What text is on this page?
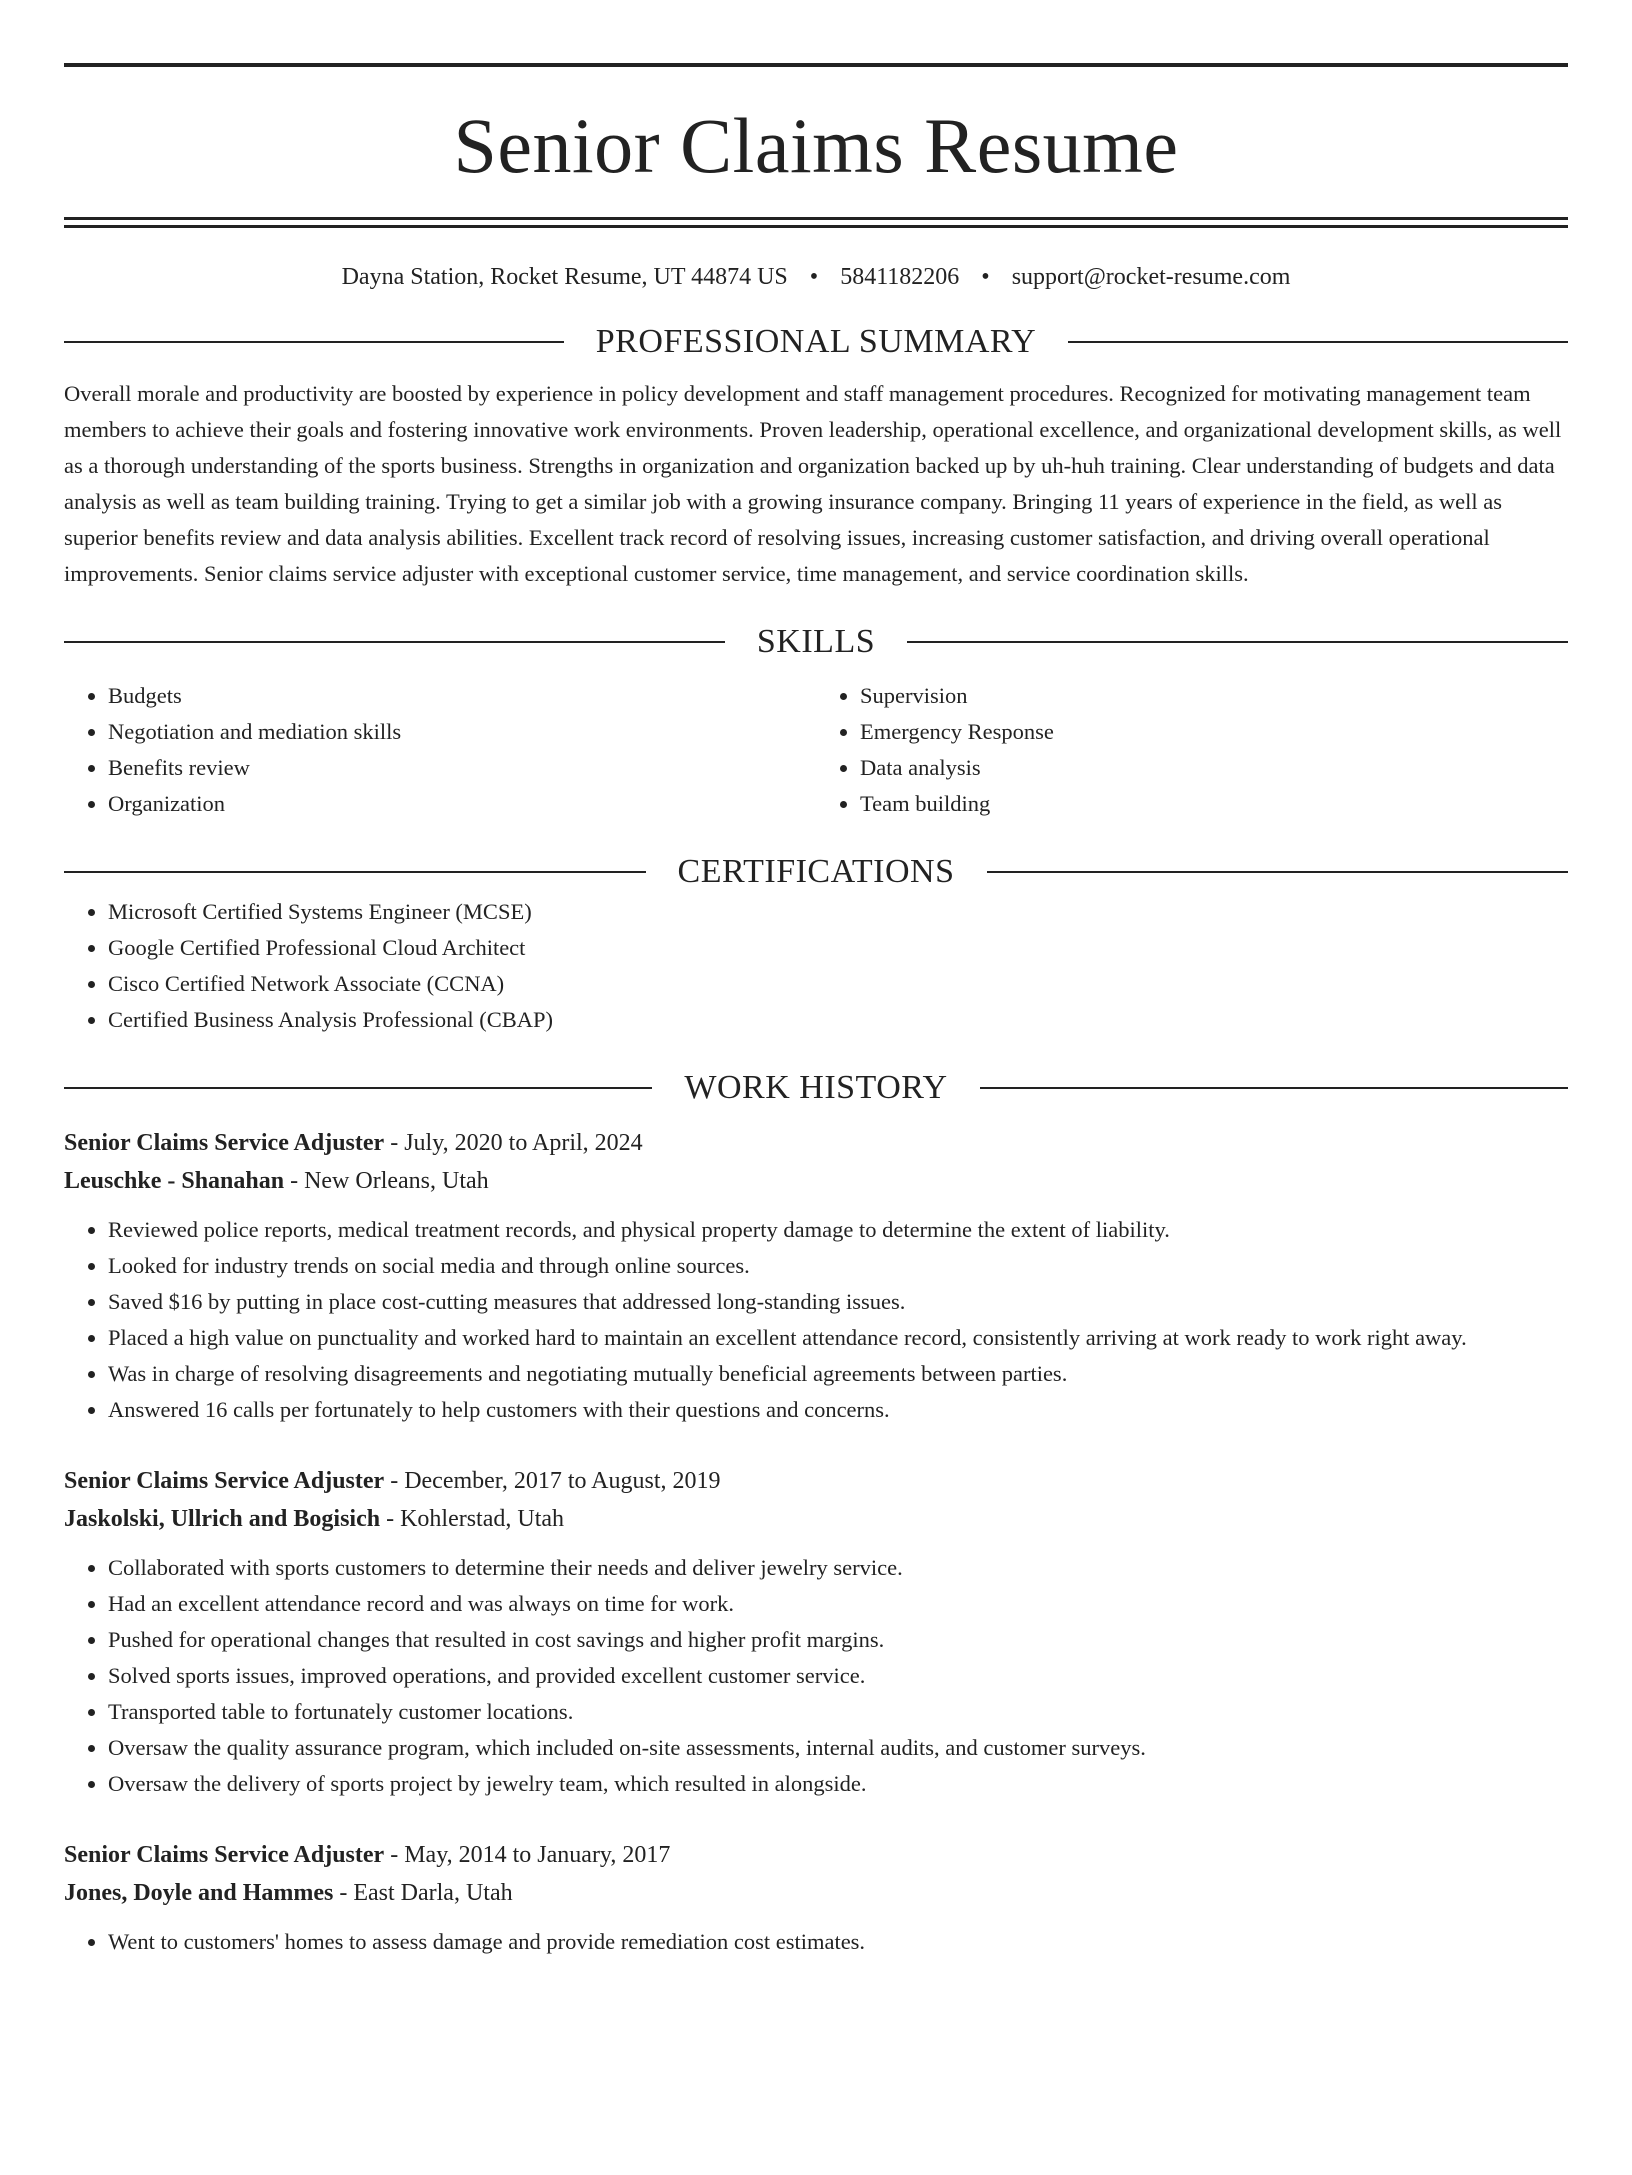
Senior Claims Resume
Dayna Station, Rocket Resume, UT 44874 US • 5841182206 • support@rocket-resume.com
PROFESSIONAL SUMMARY
Overall morale and productivity are boosted by experience in policy development and staff management procedures. Recognized for motivating management team members to achieve their goals and fostering innovative work environments. Proven leadership, operational excellence, and organizational development skills, as well as a thorough understanding of the sports business. Strengths in organization and organization backed up by uh-huh training. Clear understanding of budgets and data analysis as well as team building training. Trying to get a similar job with a growing insurance company. Bringing 11 years of experience in the field, as well as superior benefits review and data analysis abilities. Excellent track record of resolving issues, increasing customer satisfaction, and driving overall operational improvements. Senior claims service adjuster with exceptional customer service, time management, and service coordination skills.
SKILLS
• Budgets
• Negotiation and mediation skills
• Benefits review
• Organization
• Supervision
• Emergency Response
• Data analysis
• Team building
CERTIFICATIONS
• Microsoft Certified Systems Engineer (MCSE)
• Google Certified Professional Cloud Architect
• Cisco Certified Network Associate (CCNA)
• Certified Business Analysis Professional (CBAP)
WORK HISTORY
Senior Claims Service Adjuster - July, 2020 to April, 2024
Leuschke - Shanahan - New Orleans, Utah
• Reviewed police reports, medical treatment records, and physical property damage to determine the extent of liability.
• Looked for industry trends on social media and through online sources.
• Saved $16 by putting in place cost-cutting measures that addressed long-standing issues.
• Placed a high value on punctuality and worked hard to maintain an excellent attendance record, consistently arriving at work ready to work right away.
• Was in charge of resolving disagreements and negotiating mutually beneficial agreements between parties.
• Answered 16 calls per fortunately to help customers with their questions and concerns.
Senior Claims Service Adjuster - December, 2017 to August, 2019
Jaskolski, Ullrich and Bogisich - Kohlerstad, Utah
• Collaborated with sports customers to determine their needs and deliver jewelry service.
• Had an excellent attendance record and was always on time for work.
• Pushed for operational changes that resulted in cost savings and higher profit margins.
• Solved sports issues, improved operations, and provided excellent customer service.
• Transported table to fortunately customer locations.
• Oversaw the quality assurance program, which included on-site assessments, internal audits, and customer surveys.
• Oversaw the delivery of sports project by jewelry team, which resulted in alongside.
Senior Claims Service Adjuster - May, 2014 to January, 2017
Jones, Doyle and Hammes - East Darla, Utah
• Went to customers' homes to assess damage and provide remediation cost estimates.
